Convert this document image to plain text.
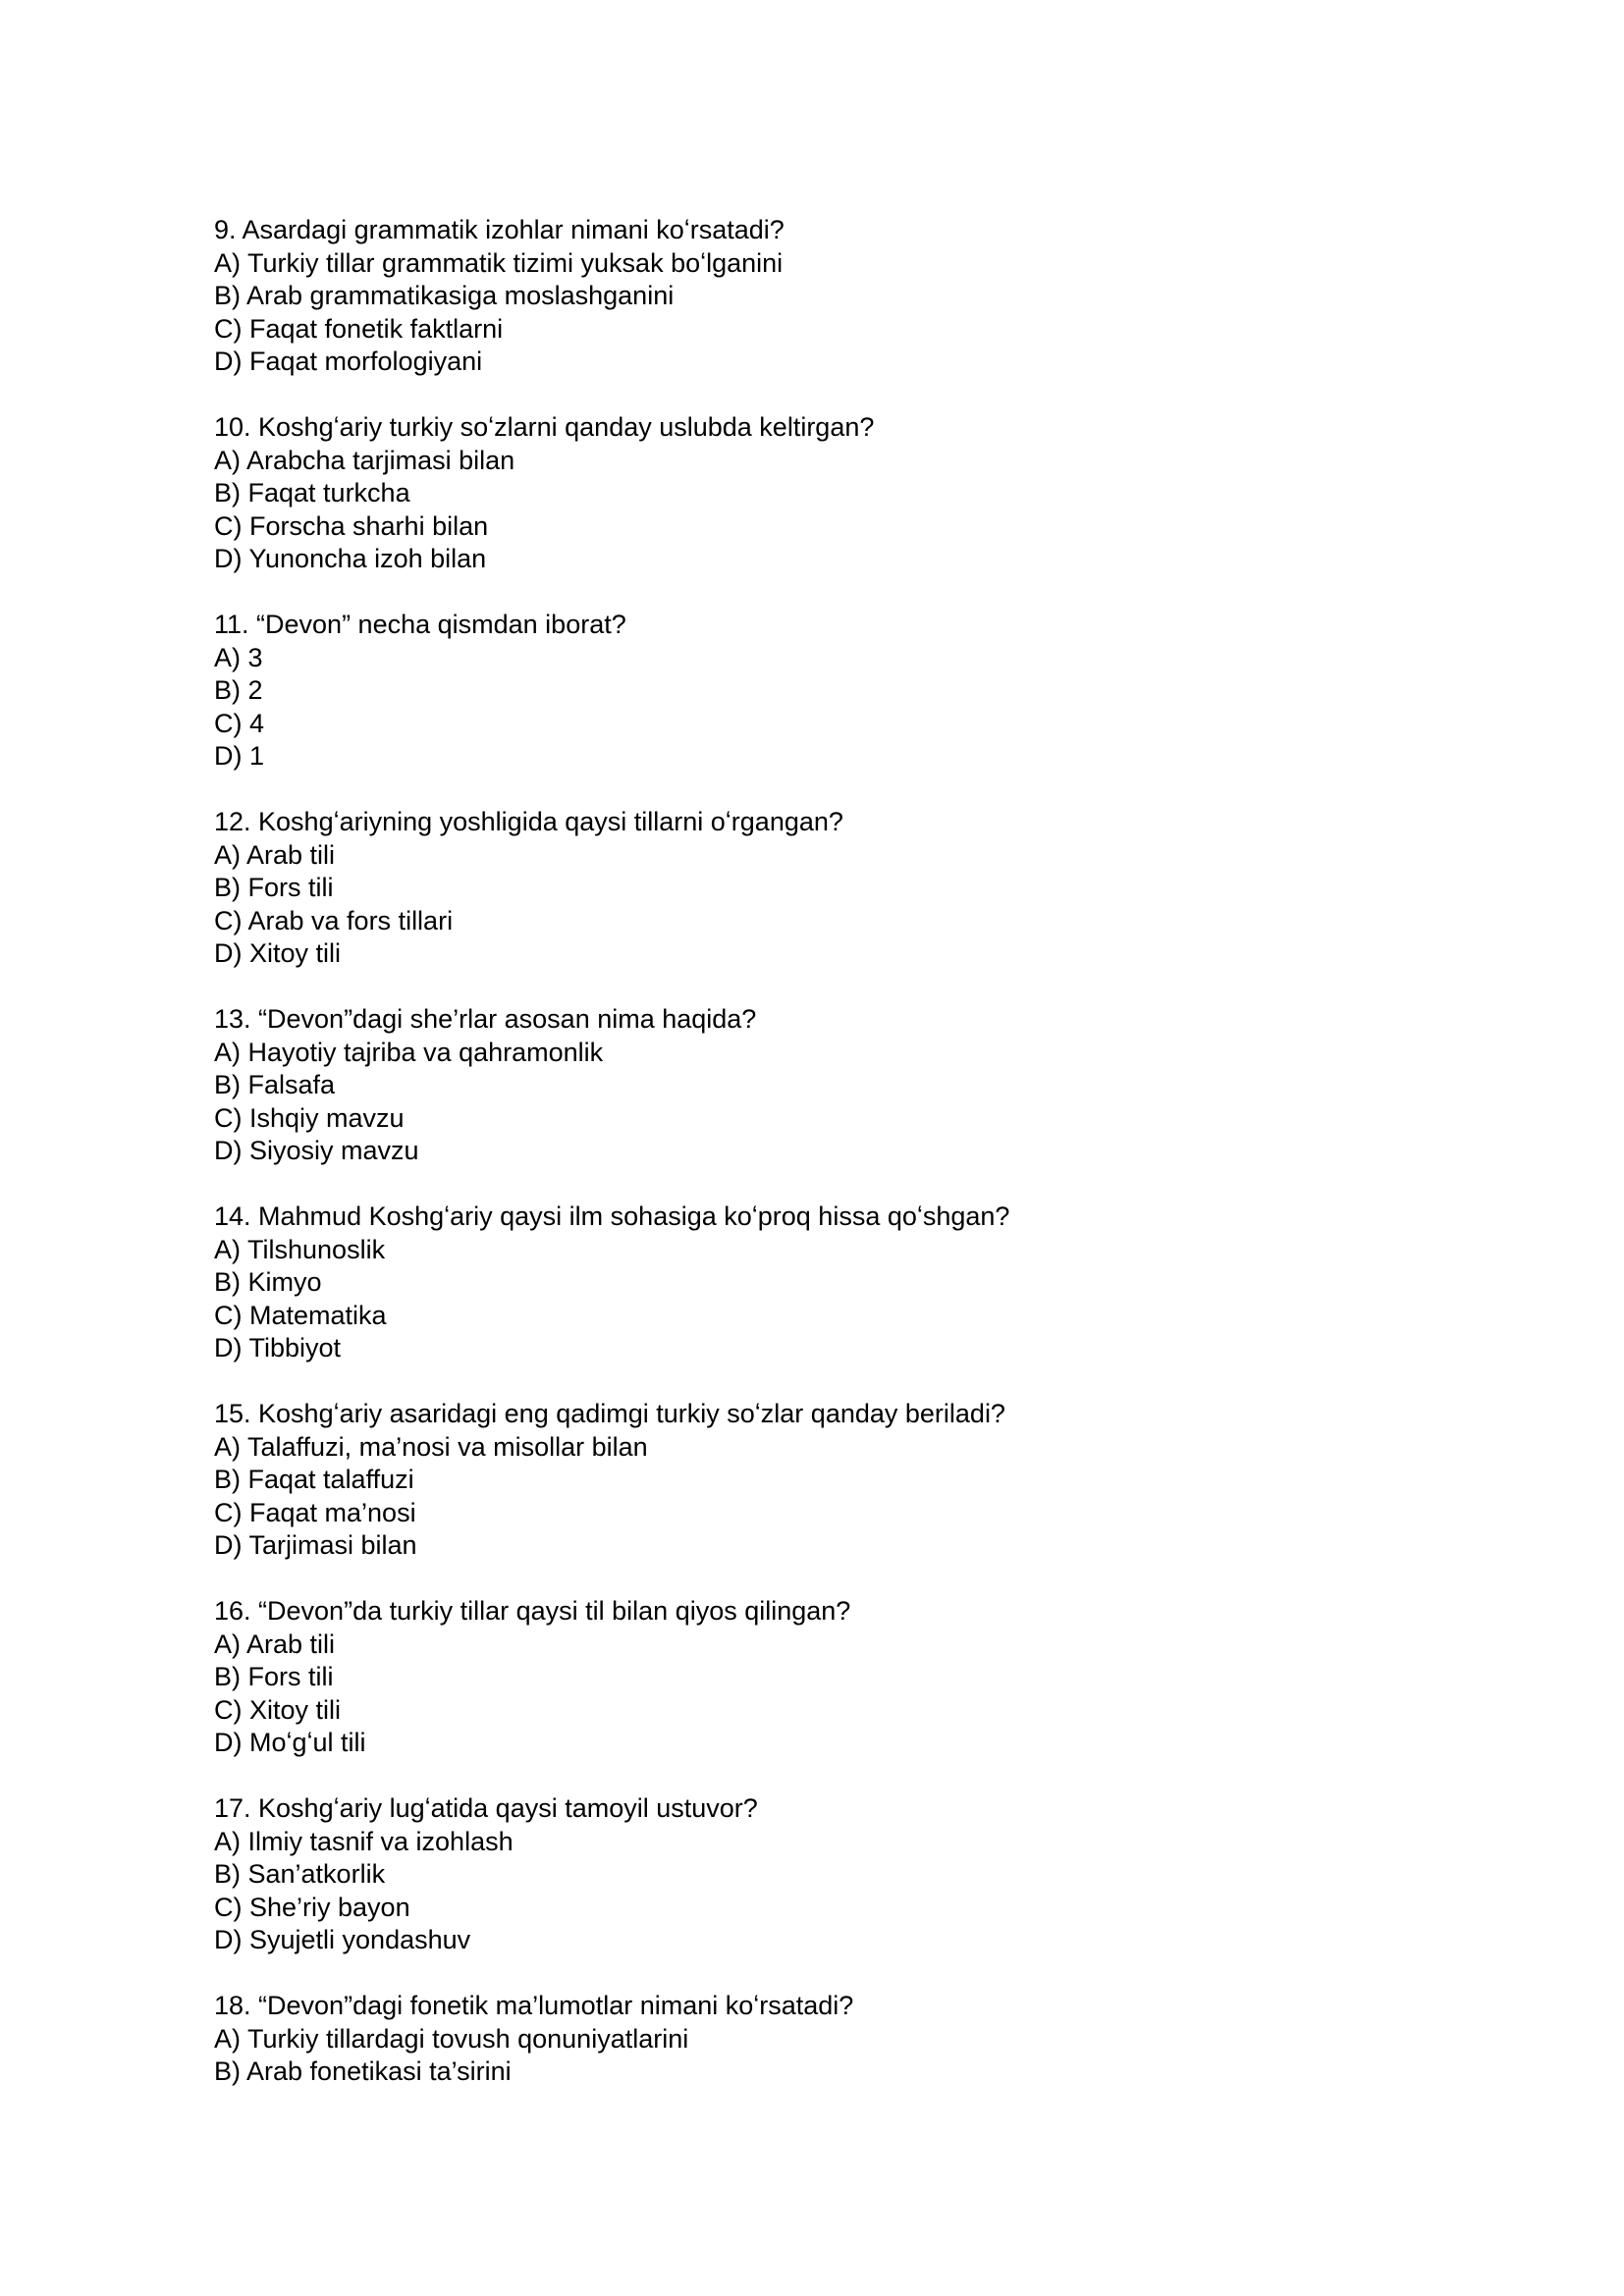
9. Asardagi grammatik izohlar nimani koʻrsatadi?

A) Turkiy tillar grammatik tizimi yuksak boʻlganini

B) Arab grammatikasiga moslashganini

C) Faqat fonetik faktlarni

D) Faqat morfologiyani

10. Koshgʻariy turkiy soʻzlarni qanday uslubda keltirgan?

A) Arabcha tarjimasi bilan

B) Faqat turkcha

C) Forscha sharhi bilan

D) Yunoncha izoh bilan

11. “Devon” necha qismdan iborat?

A) 3

B) 2

C) 4

D) 1

12. Koshgʻariyning yoshligida qaysi tillarni oʻrgangan?

A) Arab tili

B) Fors tili

C) Arab va fors tillari

D) Xitoy tili

13. “Devon”dagi she’rlar asosan nima haqida?

A) Hayotiy tajriba va qahramonlik

B) Falsafa

C) Ishqiy mavzu

D) Siyosiy mavzu

14. Mahmud Koshgʻariy qaysi ilm sohasiga koʻproq hissa qoʻshgan?

A) Tilshunoslik

B) Kimyo

C) Matematika

D) Tibbiyot

15. Koshgʻariy asaridagi eng qadimgi turkiy soʻzlar qanday beriladi?

A) Talaffuzi, ma’nosi va misollar bilan

B) Faqat talaffuzi

C) Faqat ma’nosi

D) Tarjimasi bilan

16. “Devon”da turkiy tillar qaysi til bilan qiyos qilingan?

A) Arab tili

B) Fors tili

C) Xitoy tili

D) Moʻgʻul tili

17. Koshgʻariy lugʻatida qaysi tamoyil ustuvor?

A) Ilmiy tasnif va izohlash

B) San’atkorlik

C) She’riy bayon

D) Syujetli yondashuv

18. “Devon”dagi fonetik ma’lumotlar nimani koʻrsatadi?

A) Turkiy tillardagi tovush qonuniyatlarini

B) Arab fonetikasi ta’sirini
